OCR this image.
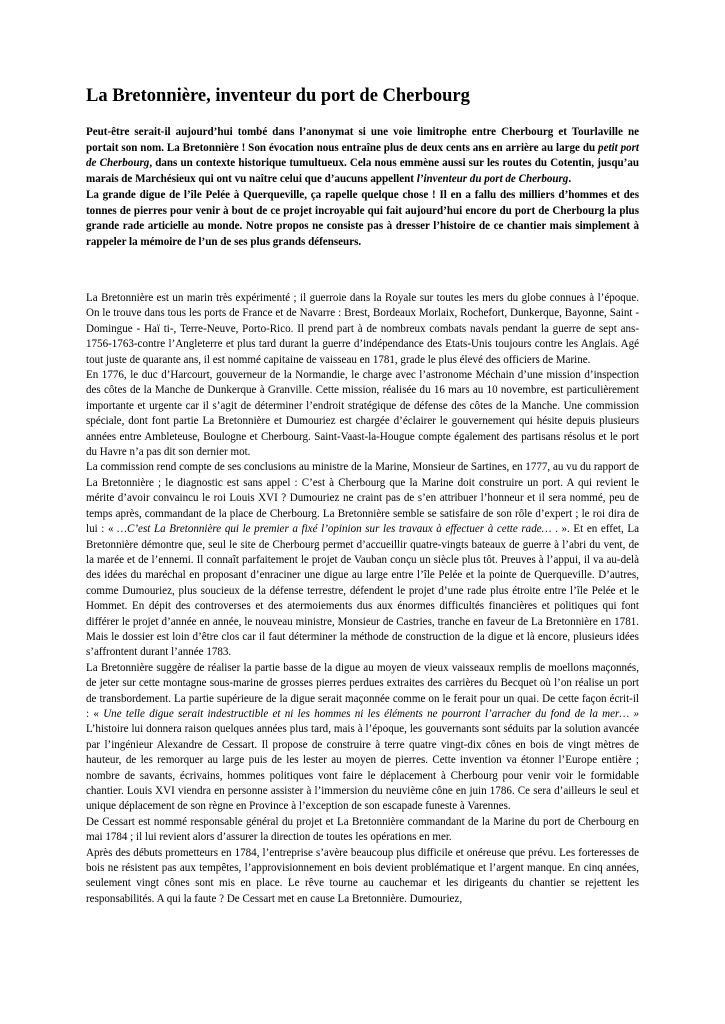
La Bretonnière, inventeur du port de Cherbourg

Peut-être serait-il aujourd’hui tombé dans l’anonymat si une voie limitrophe entre Cherbourg et Tourlaville ne portait son nom. La Bretonnière ! Son évocation nous entraîne plus de deux cents ans en arrière au large du petit port de Cherbourg, dans un contexte historique tumultueux. Cela nous emmène aussi sur les routes du Cotentin, jusqu’au marais de Marchésieux qui ont vu naître celui que d’aucuns appellent l’inventeur du port de Cherbourg.

La grande digue de l’île Pelée à Querqueville, ça rapelle quelque chose ! Il en a fallu des milliers d’hommes et des tonnes de pierres pour venir à bout de ce projet incroyable qui fait aujourd’hui encore du port de Cherbourg la plus grande rade articielle au monde. Notre propos ne consiste pas à dresser l’histoire de ce chantier mais simplement à rappeler la mémoire de l’un de ses plus grands défenseurs.

La Bretonnière est un marin très expérimenté ; il guerroie dans la Royale sur toutes les mers du globe connues à l’époque. On le trouve dans tous les ports de France et de Navarre : Brest, Bordeaux Morlaix, Rochefort, Dunkerque, Bayonne, Saint -Domingue - Haï ti-, Terre-Neuve, Porto-Rico. Il prend part à de nombreux combats navals pendant la guerre de sept ans- 1756-1763-contre l’Angleterre et plus tard durant la guerre d’indépendance des Etats-Unis toujours contre les Anglais. Agé tout juste de quarante ans, il est nommé capitaine de vaisseau en 1781, grade le plus élevé des officiers de Marine.

En 1776, le duc d’Harcourt, gouverneur de la Normandie, le charge avec l’astronome Méchain d’une mission d’inspection des côtes de la Manche de Dunkerque à Granville. Cette mission, réalisée du 16 mars au 10 novembre, est particulièrement importante et urgente car il s’agit de déterminer l’endroit stratégique de défense des côtes de la Manche. Une commission spéciale, dont font partie La Bretonnière et Dumouriez est chargée d’éclairer le gouvernement qui hésite depuis plusieurs années entre Ambleteuse, Boulogne et Cherbourg. Saint-Vaast-la-Hougue compte également des partisans résolus et le port du Havre n’a pas dit son dernier mot.

La commission rend compte de ses conclusions au ministre de la Marine, Monsieur de Sartines, en 1777, au vu du rapport de La Bretonnière ; le diagnostic est sans appel : C’est à Cherbourg que la Marine doit construire un port. A qui revient le mérite d’avoir convaincu le roi Louis XVI ? Dumouriez ne craint pas de s’en attribuer l’honneur et il sera nommé, peu de temps après, commandant de la place de Cherbourg. La Bretonnière semble se satisfaire de son rôle d’expert ; le roi dira de lui : « …C’est La Bretonnière qui le premier a fixé l’opinion sur les travaux à effectuer à cette rade… . ». Et en effet, La Bretonnière démontre que, seul le site de Cherbourg permet d’accueillir quatre-vingts bateaux de guerre à l’abri du vent, de la marée et de l’ennemi. Il connaît parfaitement le projet de Vauban conçu un siècle plus tôt. Preuves à l’appui, il va au-delà des idées du maréchal en proposant d’enraciner une digue au large entre l’île Pelée et la pointe de Querqueville. D’autres, comme Dumouriez, plus soucieux de la défense terrestre, défendent le projet d’une rade plus étroite entre l’île Pelée et le Hommet. En dépit des controverses et des atermoiements dus aux énormes difficultés financières et politiques qui font différer le projet d’année en année, le nouveau ministre, Monsieur de Castries, tranche en faveur de La Bretonnière en 1781. Mais le dossier est loin d’être clos car il faut déterminer la méthode de construction de la digue et là encore, plusieurs idées s’affrontent durant l’année 1783.

La Bretonnière suggère de réaliser la partie basse de la digue au moyen de vieux vaisseaux remplis de moellons maçonnés, de jeter sur cette montagne sous-marine de grosses pierres perdues extraites des carrières du Becquet où l’on réalise un port de transbordement. La partie supérieure de la digue serait maçonnée comme on le ferait pour un quai. De cette façon écrit-il : « Une telle digue serait indestructible et ni les hommes ni les éléments ne pourront l’arracher du fond de la mer… » L’histoire lui donnera raison quelques années plus tard, mais à l’époque, les gouvernants sont séduits par la solution avancée par l’ingénieur Alexandre de Cessart. Il propose de construire à terre quatre vingt-dix cônes en bois de vingt mètres de hauteur, de les remorquer au large puis de les lester au moyen de pierres. Cette invention va étonner l’Europe entière ; nombre de savants, écrivains, hommes politiques vont faire le déplacement à Cherbourg pour venir voir le formidable chantier. Louis XVI viendra en personne assister à l’immersion du neuvième cône en juin 1786. Ce sera d’ailleurs le seul et unique déplacement de son règne en Province à l’exception de son escapade funeste à Varennes.

De Cessart est nommé responsable général du projet et La Bretonnière commandant de la Marine du port de Cherbourg en mai 1784 ; il lui revient alors d’assurer la direction de toutes les opérations en mer.

Après des débuts prometteurs en 1784, l’entreprise s’avère beaucoup plus difficile et onéreuse que prévu. Les forteresses de bois ne résistent pas aux tempêtes, l’approvisionnement en bois devient problématique et l’argent manque. En cinq années, seulement vingt cônes sont mis en place. Le rêve tourne au cauchemar et les dirigeants du chantier se rejettent les responsabilités. A qui la faute ? De Cessart met en cause La Bretonnière. Dumouriez,
